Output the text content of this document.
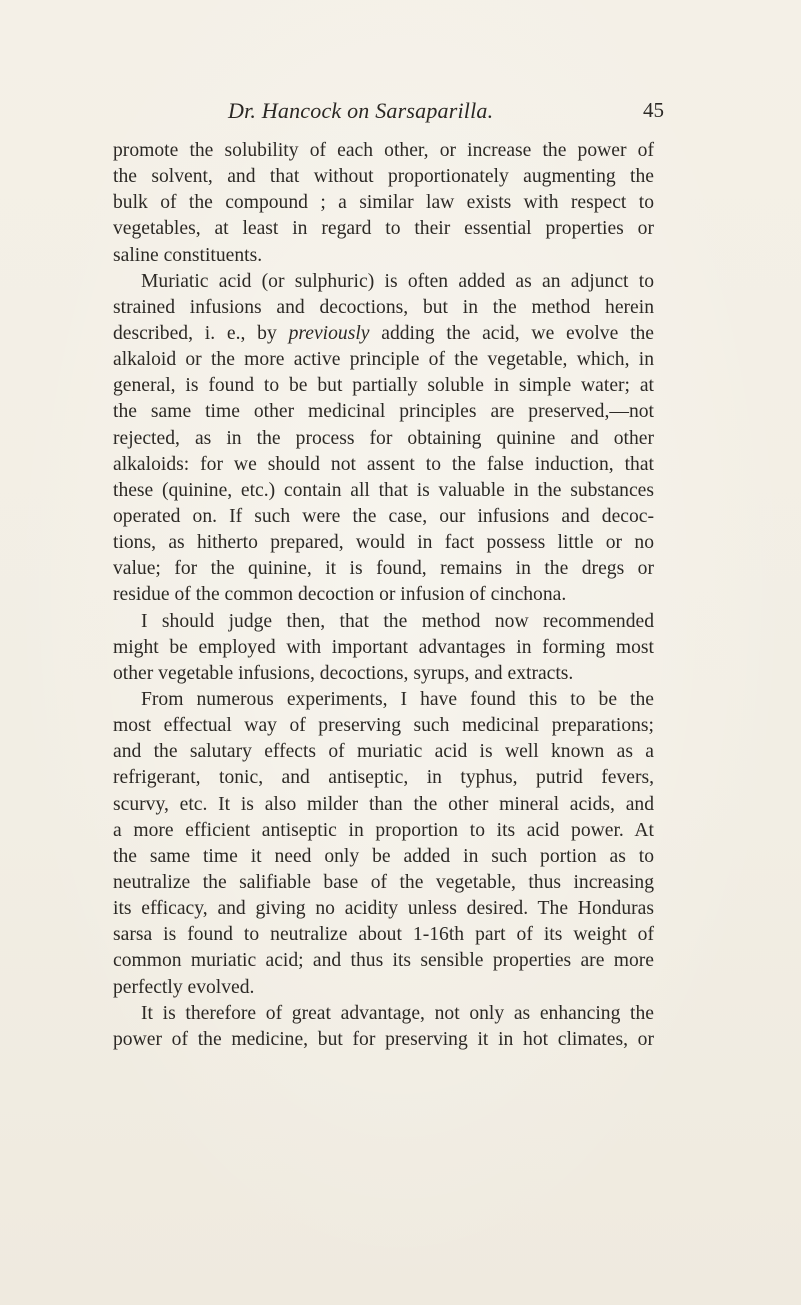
Dr. Hancock on Sarsaparilla.	45
promote the solubility of each other, or increase the power of
the solvent, and that without proportionately augmenting the
bulk of the compound ; a similar law exists with respect to
vegetables, at least in regard to their essential properties or
saline constituents.
Muriatic acid (or sulphuric) is often added as an adjunct to
strained infusions and decoctions, but in the method herein
described, i. e., by previously adding the acid, we evolve the
alkaloid or the more active principle of the vegetable, which, in
general, is found to be but partially soluble in simple water; at
the same time other medicinal principles are preserved,—not
rejected, as in the process for obtaining quinine and other
alkaloids: for we should not assent to the false induction, that
these (quinine, etc.) contain all that is valuable in the substances
operated on. If such were the case, our infusions and decoc-
tions, as hitherto prepared, would in fact possess little or no
value; for the quinine, it is found, remains in the dregs or
residue of the common decoction or infusion of cinchona.
I should judge then, that the method now recommended
might be employed with important advantages in forming most
other vegetable infusions, decoctions, syrups, and extracts.
From numerous experiments, I have found this to be the
most effectual way of preserving such medicinal preparations;
and the salutary effects of muriatic acid is well known as a
refrigerant, tonic, and antiseptic, in typhus, putrid fevers,
scurvy, etc. It is also milder than the other mineral acids, and
a more efficient antiseptic in proportion to its acid power. At
the same time it need only be added in such portion as to
neutralize the salifiable base of the vegetable, thus increasing
its efficacy, and giving no acidity unless desired. The Honduras
sarsa is found to neutralize about 1-16th part of its weight of
common muriatic acid; and thus its sensible properties are more
perfectly evolved.
It is therefore of great advantage, not only as enhancing the
power of the medicine, but for preserving it in hot climates, or
